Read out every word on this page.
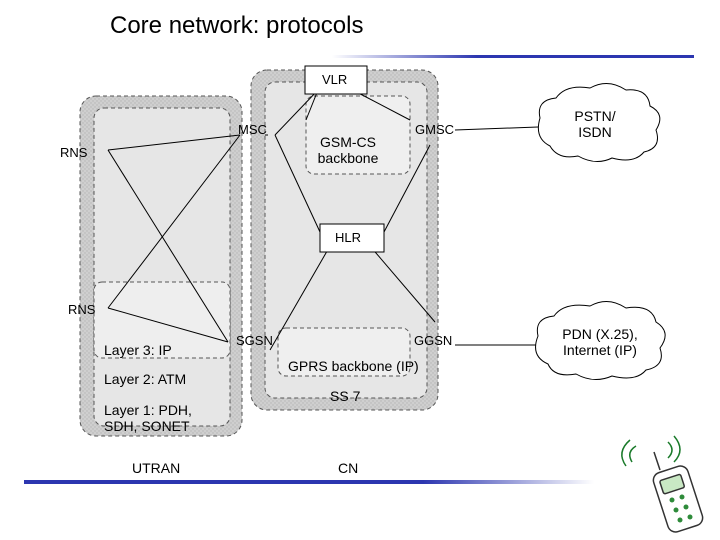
Core network: protocols
VLR
MSC
GSM-CS
backbone
GMSC
PSTN/
ISDN
RNS
HLR
RNS
SGSN	GGSN
GPRS backbone (IP)
PDN (X.25),
Internet (IP)
SS 7
Layer 3: IP
Layer 2: ATM
Layer 1: PDH,
SDH, SONET
UTRAN	CN
